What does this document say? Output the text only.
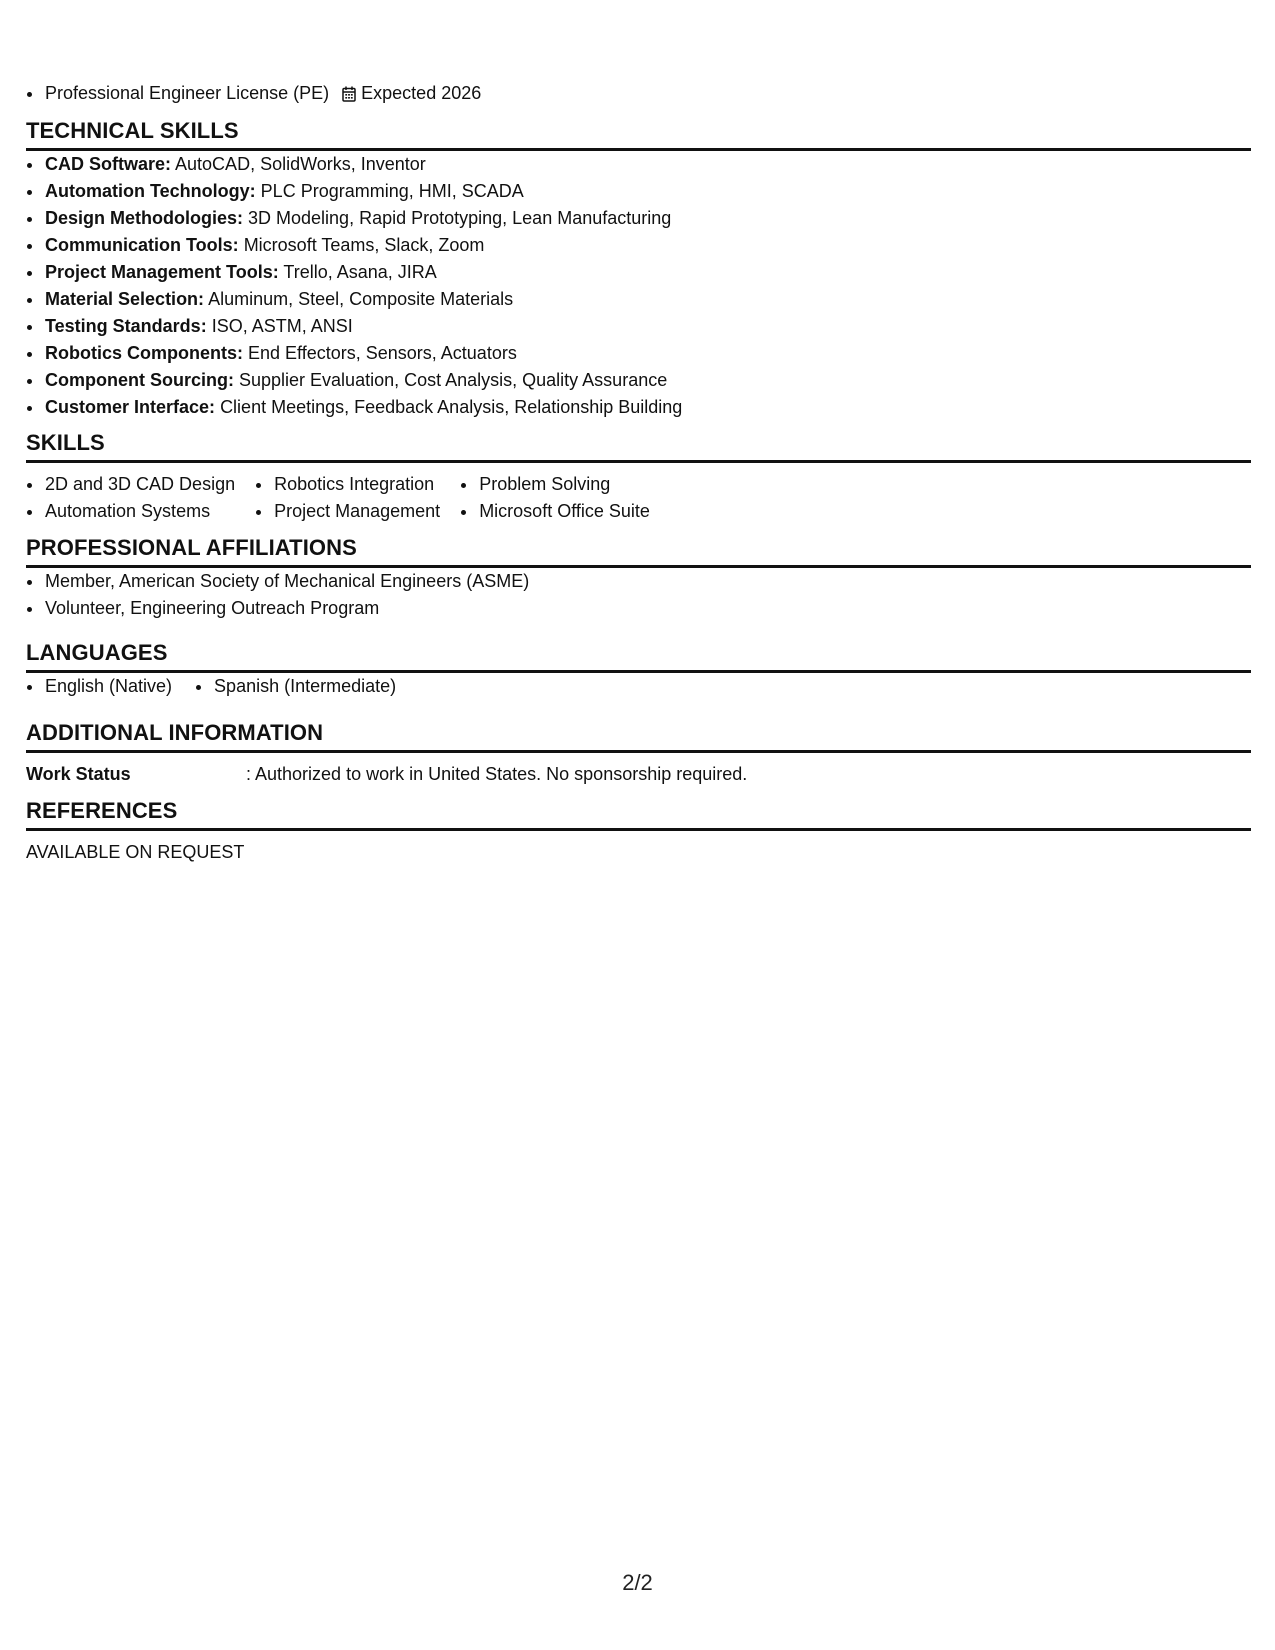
Professional Engineer License (PE) Expected 2026
TECHNICAL SKILLS
CAD Software: AutoCAD, SolidWorks, Inventor
Automation Technology: PLC Programming, HMI, SCADA
Design Methodologies: 3D Modeling, Rapid Prototyping, Lean Manufacturing
Communication Tools: Microsoft Teams, Slack, Zoom
Project Management Tools: Trello, Asana, JIRA
Material Selection: Aluminum, Steel, Composite Materials
Testing Standards: ISO, ASTM, ANSI
Robotics Components: End Effectors, Sensors, Actuators
Component Sourcing: Supplier Evaluation, Cost Analysis, Quality Assurance
Customer Interface: Client Meetings, Feedback Analysis, Relationship Building
SKILLS
2D and 3D CAD Design
Automation Systems
Robotics Integration
Project Management
Problem Solving
Microsoft Office Suite
PROFESSIONAL AFFILIATIONS
Member, American Society of Mechanical Engineers (ASME)
Volunteer, Engineering Outreach Program
LANGUAGES
English (Native)	Spanish (Intermediate)
ADDITIONAL INFORMATION
Work Status	: Authorized to work in United States. No sponsorship required.
REFERENCES
AVAILABLE ON REQUEST
2/2
